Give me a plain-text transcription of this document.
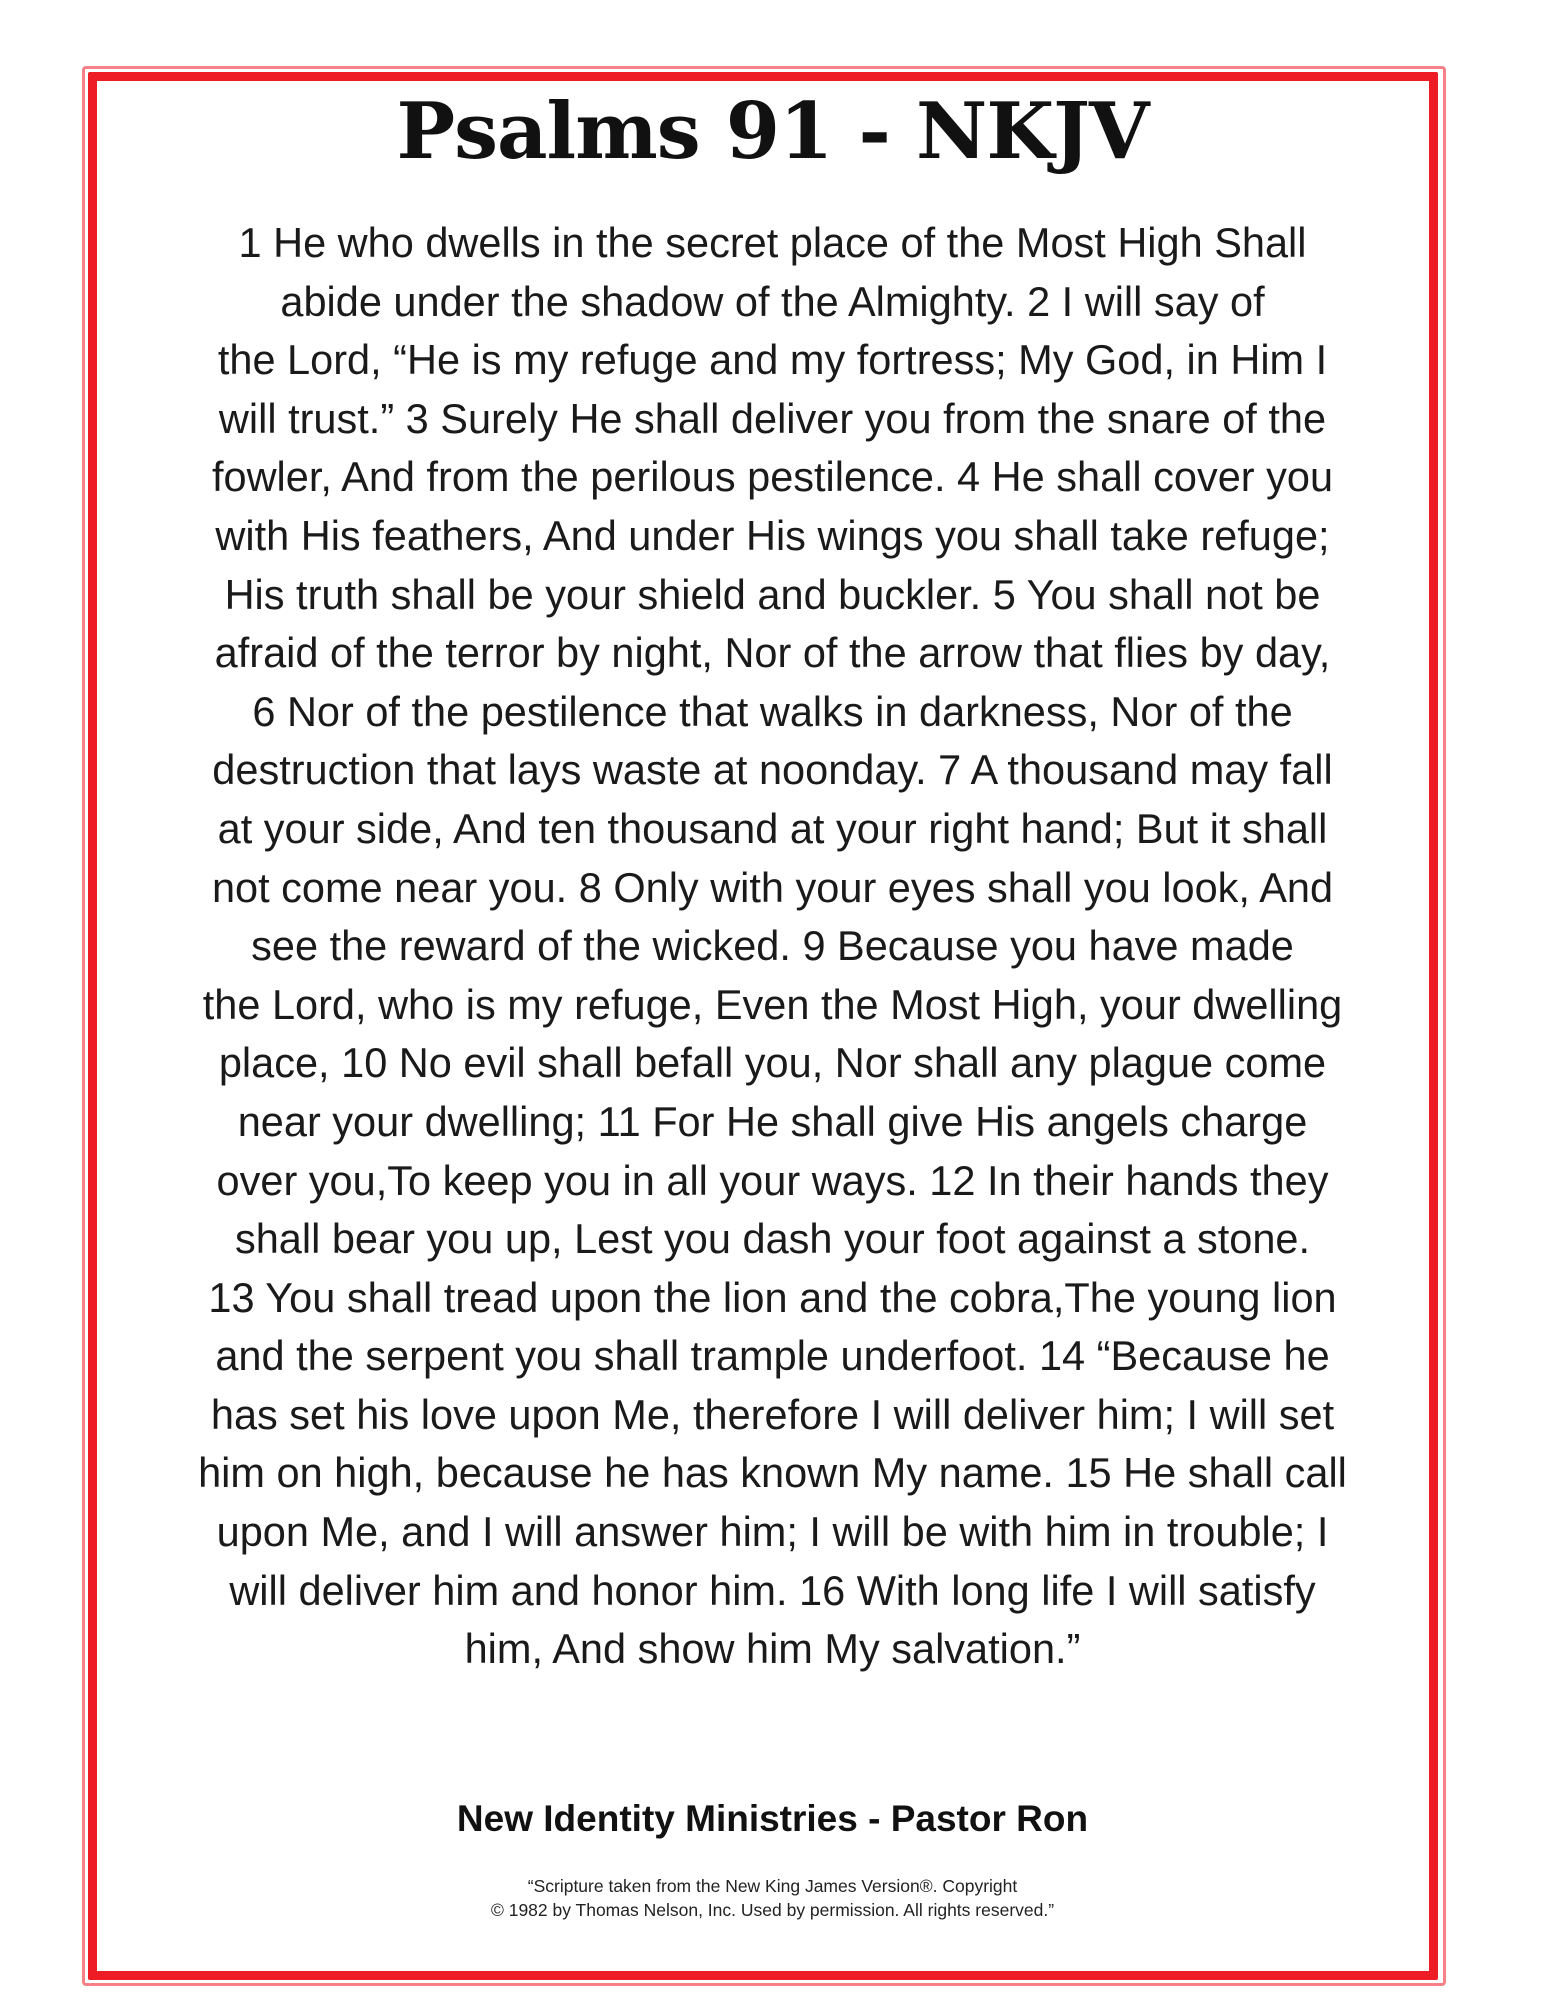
Psalms 91 - NKJV
1 He who dwells in the secret place of the Most High Shall
abide under the shadow of the Almighty. 2 I will say of
the Lord, “He is my refuge and my fortress; My God, in Him I
will trust.” 3 Surely He shall deliver you from the snare of the
fowler, And from the perilous pestilence. 4 He shall cover you
with His feathers, And under His wings you shall take refuge;
His truth shall be your shield and buckler. 5 You shall not be
afraid of the terror by night, Nor of the arrow that flies by day,
6 Nor of the pestilence that walks in darkness, Nor of the
destruction that lays waste at noonday. 7 A thousand may fall
at your side, And ten thousand at your right hand; But it shall
not come near you. 8 Only with your eyes shall you look, And
see the reward of the wicked. 9 Because you have made
the Lord, who is my refuge, Even the Most High, your dwelling
place, 10 No evil shall befall you, Nor shall any plague come
near your dwelling; 11 For He shall give His angels charge
over you,To keep you in all your ways. 12 In their hands they
shall bear you up, Lest you dash your foot against a stone.
13 You shall tread upon the lion and the cobra,The young lion
and the serpent you shall trample underfoot. 14 “Because he
has set his love upon Me, therefore I will deliver him; I will set
him on high, because he has known My name. 15 He shall call
upon Me, and I will answer him; I will be with him in trouble; I
will deliver him and honor him. 16 With long life I will satisfy
him, And show him My salvation.”
New Identity Ministries - Pastor Ron
“Scripture taken from the New King James Version®. Copyright
© 1982 by Thomas Nelson, Inc. Used by permission. All rights reserved.”
